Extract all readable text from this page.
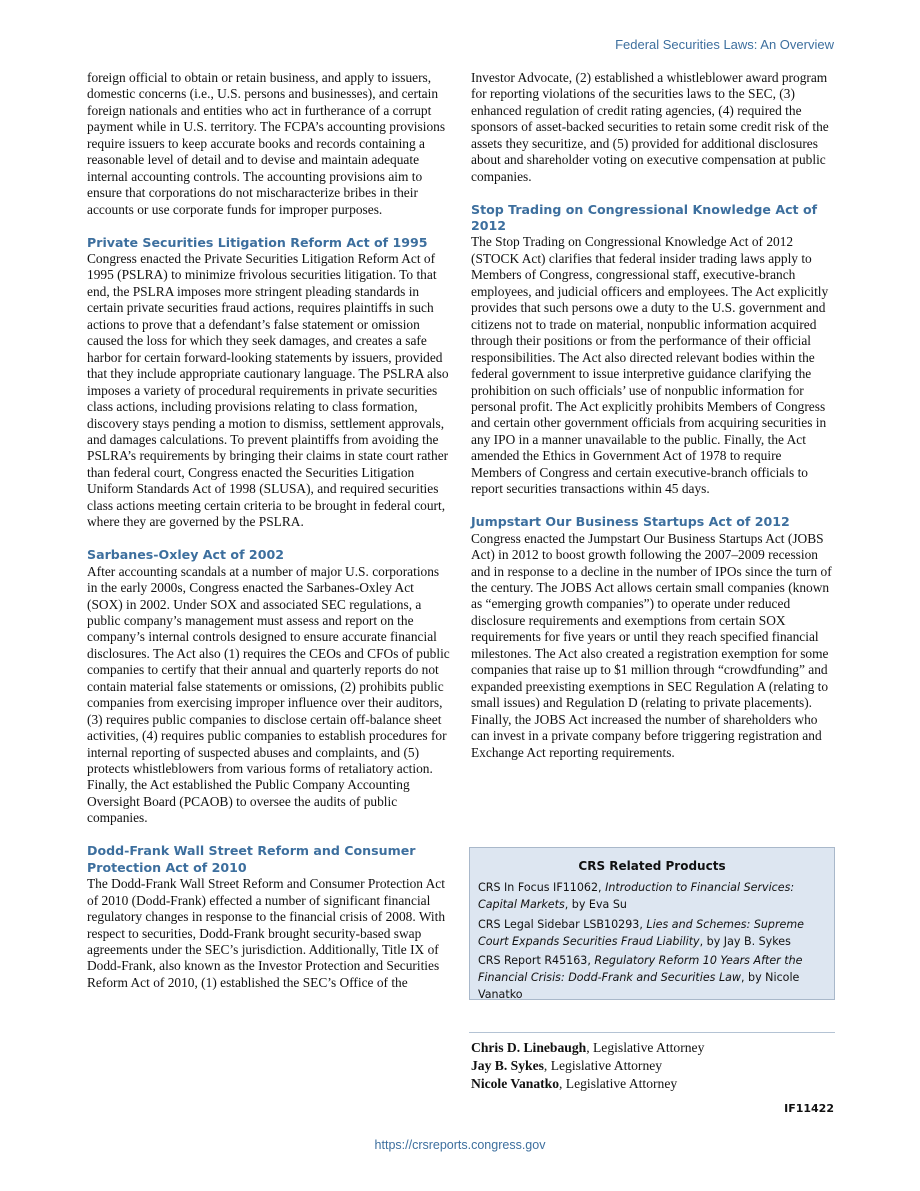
Federal Securities Laws: An Overview

foreign official to obtain or retain business, and apply to issuers, domestic concerns (i.e., U.S. persons and businesses), and certain foreign nationals and entities who act in furtherance of a corrupt payment while in U.S. territory. The FCPA’s accounting provisions require issuers to keep accurate books and records containing a reasonable level of detail and to devise and maintain adequate internal accounting controls. The accounting provisions aim to ensure that corporations do not mischaracterize bribes in their accounts or use corporate funds for improper purposes.

Private Securities Litigation Reform Act of 1995

Congress enacted the Private Securities Litigation Reform Act of 1995 (PSLRA) to minimize frivolous securities litigation. To that end, the PSLRA imposes more stringent pleading standards in certain private securities fraud actions, requires plaintiffs in such actions to prove that a defendant’s false statement or omission caused the loss for which they seek damages, and creates a safe harbor for certain forward-looking statements by issuers, provided that they include appropriate cautionary language. The PSLRA also imposes a variety of procedural requirements in private securities class actions, including provisions relating to class formation, discovery stays pending a motion to dismiss, settlement approvals, and damages calculations. To prevent plaintiffs from avoiding the PSLRA’s requirements by bringing their claims in state court rather than federal court, Congress enacted the Securities Litigation Uniform Standards Act of 1998 (SLUSA), and required securities class actions meeting certain criteria to be brought in federal court, where they are governed by the PSLRA.

Sarbanes-Oxley Act of 2002

After accounting scandals at a number of major U.S. corporations in the early 2000s, Congress enacted the Sarbanes-Oxley Act (SOX) in 2002. Under SOX and associated SEC regulations, a public company’s management must assess and report on the company’s internal controls designed to ensure accurate financial disclosures. The Act also (1) requires the CEOs and CFOs of public companies to certify that their annual and quarterly reports do not contain material false statements or omissions, (2) prohibits public companies from exercising improper influence over their auditors, (3) requires public companies to disclose certain off-balance sheet activities, (4) requires public companies to establish procedures for internal reporting of suspected abuses and complaints, and (5) protects whistleblowers from various forms of retaliatory action. Finally, the Act established the Public Company Accounting Oversight Board (PCAOB) to oversee the audits of public companies.

Dodd-Frank Wall Street Reform and Consumer Protection Act of 2010

The Dodd-Frank Wall Street Reform and Consumer Protection Act of 2010 (Dodd-Frank) effected a number of significant financial regulatory changes in response to the financial crisis of 2008. With respect to securities, Dodd-Frank brought security-based swap agreements under the SEC’s jurisdiction. Additionally, Title IX of Dodd-Frank, also known as the Investor Protection and Securities Reform Act of 2010, (1) established the SEC’s Office of the

Investor Advocate, (2) established a whistleblower award program for reporting violations of the securities laws to the SEC, (3) enhanced regulation of credit rating agencies, (4) required the sponsors of asset-backed securities to retain some credit risk of the assets they securitize, and (5) provided for additional disclosures about and shareholder voting on executive compensation at public companies.

Stop Trading on Congressional Knowledge Act of 2012

The Stop Trading on Congressional Knowledge Act of 2012 (STOCK Act) clarifies that federal insider trading laws apply to Members of Congress, congressional staff, executive-branch employees, and judicial officers and employees. The Act explicitly provides that such persons owe a duty to the U.S. government and citizens not to trade on material, nonpublic information acquired through their positions or from the performance of their official responsibilities. The Act also directed relevant bodies within the federal government to issue interpretive guidance clarifying the prohibition on such officials’ use of nonpublic information for personal profit. The Act explicitly prohibits Members of Congress and certain other government officials from acquiring securities in any IPO in a manner unavailable to the public. Finally, the Act amended the Ethics in Government Act of 1978 to require Members of Congress and certain executive-branch officials to report securities transactions within 45 days.

Jumpstart Our Business Startups Act of 2012

Congress enacted the Jumpstart Our Business Startups Act (JOBS Act) in 2012 to boost growth following the 2007–2009 recession and in response to a decline in the number of IPOs since the turn of the century. The JOBS Act allows certain small companies (known as “emerging growth companies”) to operate under reduced disclosure requirements and exemptions from certain SOX requirements for five years or until they reach specified financial milestones. The Act also created a registration exemption for some companies that raise up to $1 million through “crowdfunding” and expanded preexisting exemptions in SEC Regulation A (relating to small issues) and Regulation D (relating to private placements). Finally, the JOBS Act increased the number of shareholders who can invest in a private company before triggering registration and Exchange Act reporting requirements.

CRS Related Products
CRS In Focus IF11062, Introduction to Financial Services: Capital Markets, by Eva Su
CRS Legal Sidebar LSB10293, Lies and Schemes: Supreme Court Expands Securities Fraud Liability, by Jay B. Sykes
CRS Report R45163, Regulatory Reform 10 Years After the Financial Crisis: Dodd-Frank and Securities Law, by Nicole Vanatko
Chris D. Linebaugh, Legislative Attorney
Jay B. Sykes, Legislative Attorney
Nicole Vanatko, Legislative Attorney
IF11422
https://crsreports.congress.gov
